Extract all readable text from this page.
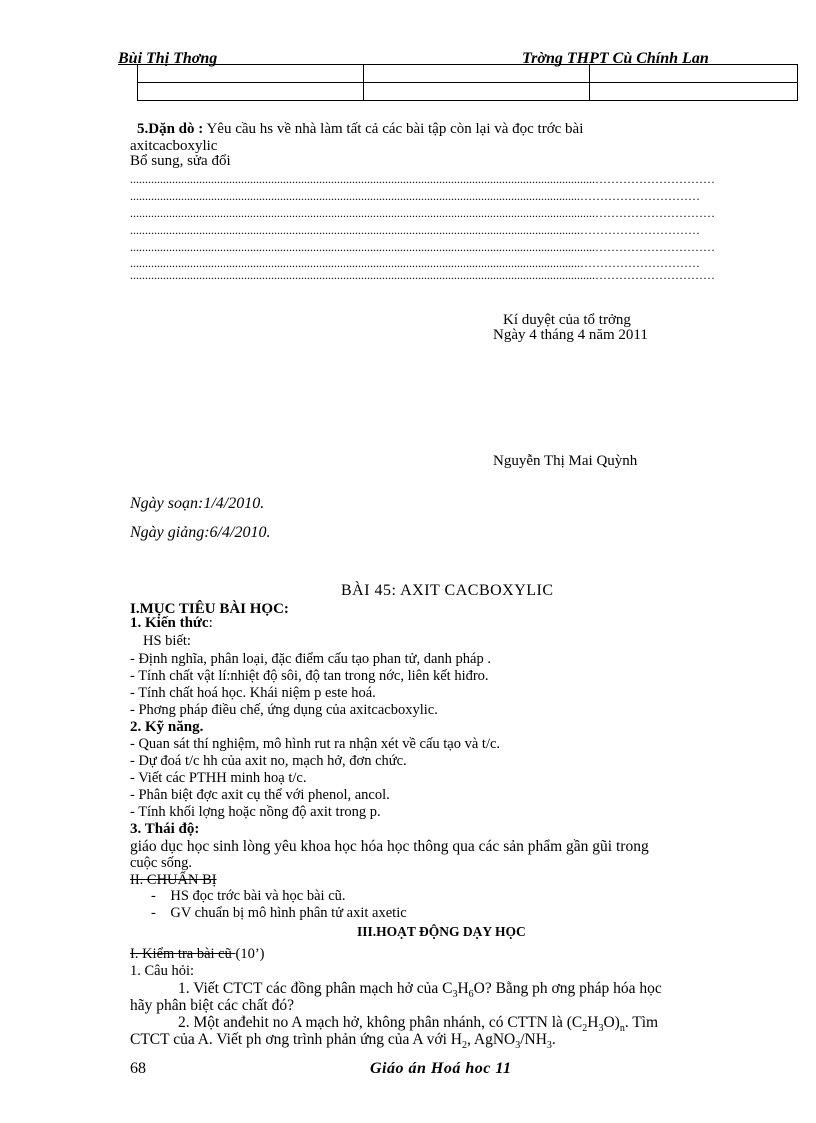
Bùi Thị Thơng	Trờng THPT Cù Chính Lan

5.Dặn dò : Yêu cầu hs về nhà làm tất cả các bài tập còn lại và đọc trớc bài
axitcacboxylic
Bổ sung, sửa đổi
...........................................................................................................................................................…………………………
......................................................................................................................................................…………………………
...........................................................................................................................................................…………………………
......................................................................................................................................................…………………………
...........................................................................................................................................................…………………………
......................................................................................................................................................…………………………
...........................................................................................................................................................…………………………
Kí duyệt của tổ trởng
Ngày 4 tháng 4 năm 2011
Nguyễn Thị Mai Quỳnh
Ngày soạn:1/4/2010.
Ngày giảng:6/4/2010.
BÀI 45: AXIT CACBOXYLIC
I.MỤC TIÊU BÀI HỌC:
1. Kiến thức:
HS biết:
- Định nghĩa, phân loại, đặc điểm cấu tạo phan tử, danh pháp .
- Tính chất vật lí:nhiệt độ sôi, độ tan trong nớc, liên kết hiđro.
- Tính chất hoá học. Khái niệm p este hoá.
- Phơng pháp điều chế, ứng dụng của axitcacboxylic.
2. Kỹ năng.
- Quan sát thí nghiệm, mô hình rut ra nhận xét về cấu tạo và t/c.
- Dự đoá t/c hh của axit no, mạch hở, đơn chức.
- Viết các PTHH minh hoạ t/c.
- Phân biệt đợc axit cụ thể với phenol, ancol.
- Tính khối lợng hoặc nồng độ axit trong p.
3. Thái độ:
giáo dục học sinh lòng yêu khoa học hóa học thông qua các sản phẩm gần gũi trong
cuộc sống.
II. CHUẨN BỊ
-    HS đọc trớc bài và học bài cũ.
-    GV chuẩn bị mô hình phân tử axit axetic
III.HOẠT ĐỘNG DẠY HỌC
I. Kiểm tra bài cũ (10’)
1. Câu hỏi:
1. Viết CTCT các đồng phân mạch hở của $C_3H_6O$? Bằng ph ơng pháp hóa học
hãy phân biệt các chất đó?
2. Một anđehit no A mạch hở, không phân nhánh, có CTTN là $(C_2H_3O)_n$. Tìm
CTCT của A. Viết ph ơng trình phản ứng của A với $H_2$, $AgNO_3/NH_3$.
68	Giáo án Hoá hoc 11
